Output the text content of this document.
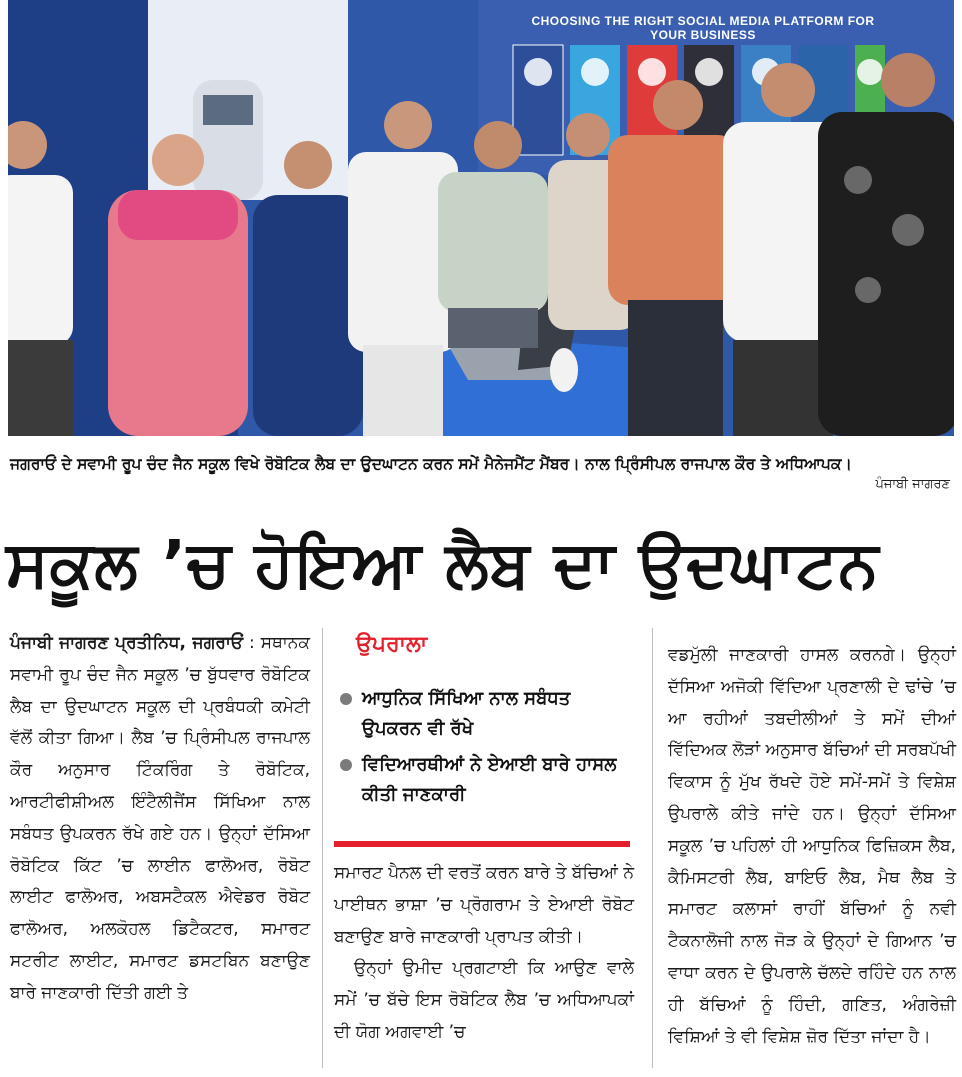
CHOOSING THE RIGHT SOCIAL MEDIA PLATFORM FOR YOUR BUSINESS
ਜਗਰਾਓਂ ਦੇ ਸਵਾਮੀ ਰੂਪ ਚੰਦ ਜੈਨ ਸਕੂਲ ਵਿਖੇ ਰੋਬੋਟਿਕ ਲੈਬ ਦਾ ਉਦਘਾਟਨ ਕਰਨ ਸਮੇਂ ਮੈਨੇਜਮੈਂਟ ਮੈਂਬਰ। ਨਾਲ ਪ੍ਰਿੰਸੀਪਲ ਰਾਜਪਾਲ ਕੌਰ ਤੇ ਅਧਿਆਪਕ।
ਪੰਜਾਬੀ ਜਾਗਰਣ
ਸਕੂਲ ’ਚ ਹੋਇਆ ਲੈਬ ਦਾ ਉਦਘਾਟਨ

ਪੰਜਾਬੀ ਜਾਗਰਣ ਪ੍ਰਤੀਨਿਧ, ਜਗਰਾਓਂ : ਸਥਾਨਕ ਸਵਾਮੀ ਰੂਪ ਚੰਦ ਜੈਨ ਸਕੂਲ ’ਚ ਬੁੱਧਵਾਰ ਰੋਬੋਟਿਕ ਲੈਬ ਦਾ ਉਦਘਾਟਨ ਸਕੂਲ ਦੀ ਪ੍ਰਬੰਧਕੀ ਕਮੇਟੀ ਵੱਲੋਂ ਕੀਤਾ ਗਿਆ। ਲੈਬ ’ਚ ਪ੍ਰਿੰਸੀਪਲ ਰਾਜਪਾਲ ਕੌਰ ਅਨੁਸਾਰ ਟਿੰਕਰਿੰਗ ਤੇ ਰੋਬੋਟਿਕ, ਆਰਟੀਫੀਸ਼ੀਅਲ ਇੰਟੈਲੀਜੈਂਸ ਸਿੱਖਿਆ ਨਾਲ ਸਬੰਧਤ ਉਪਕਰਨ ਰੱਖੇ ਗਏ ਹਨ। ਉਨ੍ਹਾਂ ਦੱਸਿਆ ਰੋਬੋਟਿਕ ਕਿੱਟ ’ਚ ਲਾਈਨ ਫਾਲੋਅਰ, ਰੋਬੋਟ ਲਾਈਟ ਫਾਲੋਅਰ, ਅਬਸਟੈਕਲ ਐਵੇਡਰ ਰੋਬੋਟ ਫਾਲੋਅਰ, ਅਲਕੋਹਲ ਡਿਟੈਕਟਰ, ਸਮਾਰਟ ਸਟਰੀਟ ਲਾਈਟ, ਸਮਾਰਟ ਡਸਟਬਿਨ ਬਣਾਉਣ ਬਾਰੇ ਜਾਣਕਾਰੀ ਦਿੱਤੀ ਗਈ ਤੇ

ਉਪਰਾਲਾ
ਆਧੁਨਿਕ ਸਿੱਖਿਆ ਨਾਲ ਸਬੰਧਤ ਉਪਕਰਨ ਵੀ ਰੱਖੇ
ਵਿਦਿਆਰਥੀਆਂ ਨੇ ਏਆਈ ਬਾਰੇ ਹਾਸਲ ਕੀਤੀ ਜਾਣਕਾਰੀ

ਸਮਾਰਟ ਪੈਨਲ ਦੀ ਵਰਤੋਂ ਕਰਨ ਬਾਰੇ ਤੇ ਬੱਚਿਆਂ ਨੇ ਪਾਈਥਨ ਭਾਸ਼ਾ ’ਚ ਪ੍ਰੋਗਰਾਮ ਤੇ ਏਆਈ ਰੋਬੋਟ ਬਣਾਉਣ ਬਾਰੇ ਜਾਣਕਾਰੀ ਪ੍ਰਾਪਤ ਕੀਤੀ।

ਉਨ੍ਹਾਂ ਉਮੀਦ ਪ੍ਰਗਟਾਈ ਕਿ ਆਉਣ ਵਾਲੇ ਸਮੇਂ ’ਚ ਬੱਚੇ ਇਸ ਰੋਬੋਟਿਕ ਲੈਬ ’ਚ ਅਧਿਆਪਕਾਂ ਦੀ ਯੋਗ ਅਗਵਾਈ ’ਚ

ਵਡਮੁੱਲੀ ਜਾਣਕਾਰੀ ਹਾਸਲ ਕਰਨਗੇ। ਉਨ੍ਹਾਂ ਦੱਸਿਆ ਅਜੋਕੀ ਵਿੱਦਿਆ ਪ੍ਰਣਾਲੀ ਦੇ ਢਾਂਚੇ ’ਚ ਆ ਰਹੀਆਂ ਤਬਦੀਲੀਆਂ ਤੇ ਸਮੇਂ ਦੀਆਂ ਵਿੱਦਿਅਕ ਲੋੜਾਂ ਅਨੁਸਾਰ ਬੱਚਿਆਂ ਦੀ ਸਰਬਪੱਖੀ ਵਿਕਾਸ ਨੂੰ ਮੁੱਖ ਰੱਖਦੇ ਹੋਏ ਸਮੇਂ-ਸਮੇਂ ਤੇ ਵਿਸ਼ੇਸ਼ ਉਪਰਾਲੇ ਕੀਤੇ ਜਾਂਦੇ ਹਨ। ਉਨ੍ਹਾਂ ਦੱਸਿਆ ਸਕੂਲ ’ਚ ਪਹਿਲਾਂ ਹੀ ਆਧੁਨਿਕ ਫਿਜ਼ਿਕਸ ਲੈਬ, ਕੈਮਿਸਟਰੀ ਲੈਬ, ਬਾਇਓ ਲੈਬ, ਮੈਥ ਲੈਬ ਤੇ ਸਮਾਰਟ ਕਲਾਸਾਂ ਰਾਹੀਂ ਬੱਚਿਆਂ ਨੂੰ ਨਵੀ ਟੈਕਨਾਲੋਜੀ ਨਾਲ ਜੋੜ ਕੇ ਉਨ੍ਹਾਂ ਦੇ ਗਿਆਨ ’ਚ ਵਾਧਾ ਕਰਨ ਦੇ ਉਪਰਾਲੇ ਚੱਲਦੇ ਰਹਿੰਦੇ ਹਨ ਨਾਲ ਹੀ ਬੱਚਿਆਂ ਨੂੰ ਹਿੰਦੀ, ਗਣਿਤ, ਅੰਗਰੇਜ਼ੀ ਵਿਸ਼ਿਆਂ ਤੇ ਵੀ ਵਿਸ਼ੇਸ਼ ਜ਼ੋਰ ਦਿੱਤਾ ਜਾਂਦਾ ਹੈ।
